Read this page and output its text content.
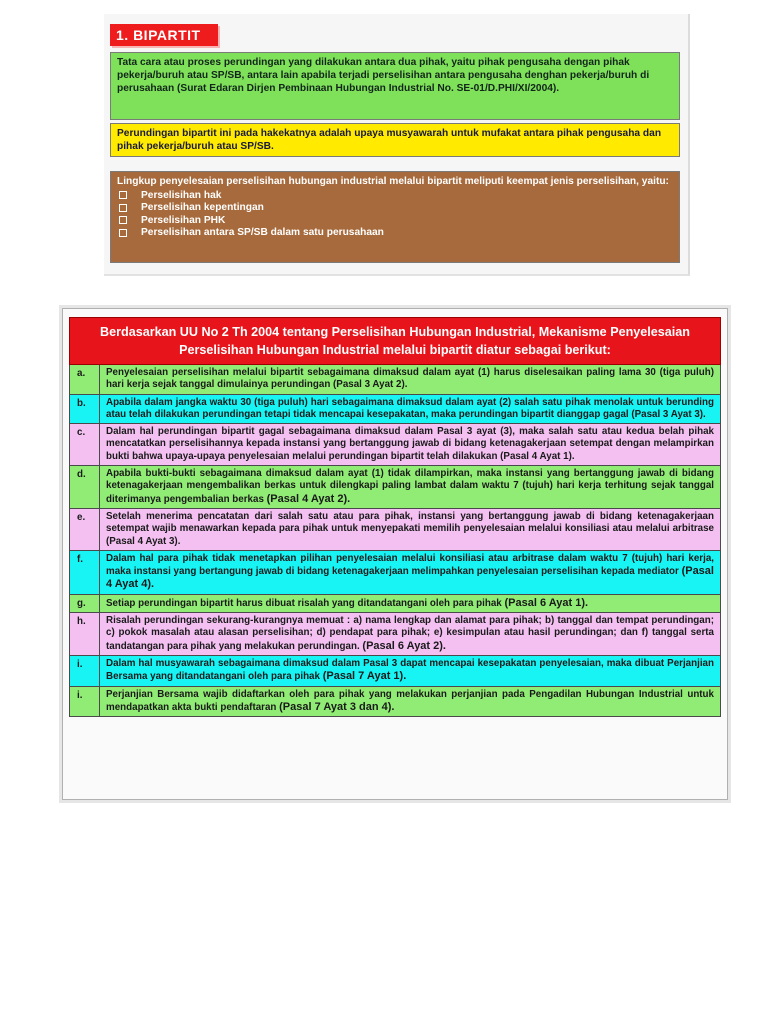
1. BIPARTIT
Tata cara atau proses perundingan yang dilakukan antara dua pihak, yaitu pihak pengusaha dengan pihak pekerja/buruh atau SP/SB, antara lain apabila terjadi perselisihan antara pengusaha denghan pekerja/buruh di perusahaan (Surat Edaran Dirjen Pembinaan Hubungan Industrial No. SE-01/D.PHI/XI/2004).
Perundingan bipartit ini pada hakekatnya adalah upaya musyawarah untuk mufakat antara pihak pengusaha dan pihak pekerja/buruh atau SP/SB.
Lingkup penyelesaian perselisihan hubungan industrial melalui bipartit meliputi keempat jenis perselisihan, yaitu:
Perselisihan hak
Perselisihan kepentingan
Perselisihan PHK
Perselisihan antara SP/SB dalam satu perusahaan
Berdasarkan UU No 2 Th 2004 tentang Perselisihan Hubungan Industrial, Mekanisme Penyelesaian Perselisihan Hubungan Industrial melalui bipartit diatur sebagai berikut:
a.	Penyelesaian perselisihan melalui bipartit sebagaimana dimaksud dalam ayat (1) harus diselesaikan paling lama 30 (tiga puluh) hari kerja sejak tanggal dimulainya perundingan (Pasal 3 Ayat 2).
b.	Apabila dalam jangka waktu 30 (tiga puluh) hari sebagaimana dimaksud dalam ayat (2) salah satu pihak menolak untuk berunding atau telah dilakukan perundingan tetapi tidak mencapai kesepakatan, maka perundingan bipartit dianggap gagal (Pasal 3 Ayat 3).
c.	Dalam hal perundingan bipartit gagal sebagaimana dimaksud dalam Pasal 3 ayat (3), maka salah satu atau kedua belah pihak mencatatkan perselisihannya kepada instansi yang bertanggung jawab di bidang ketenagakerjaan setempat dengan melampirkan bukti bahwa upaya-upaya penyelesaian melalui perundingan bipartit telah dilakukan (Pasal 4 Ayat 1).
d.	Apabila bukti-bukti sebagaimana dimaksud dalam ayat (1) tidak dilampirkan, maka instansi yang bertanggung jawab di bidang ketenagakerjaan mengembalikan berkas untuk dilengkapi paling lambat dalam waktu 7 (tujuh) hari kerja terhitung sejak tanggal diterimanya pengembalian berkas (Pasal 4 Ayat 2).
e.	Setelah menerima pencatatan dari salah satu atau para pihak, instansi yang bertanggung jawab di bidang ketenagakerjaan setempat wajib menawarkan kepada para pihak untuk menyepakati memilih penyelesaian melalui konsiliasi atau melalui arbitrase (Pasal 4 Ayat 3).
f.	Dalam hal para pihak tidak menetapkan pilihan penyelesaian melalui konsiliasi atau arbitrase dalam waktu 7 (tujuh) hari kerja, maka instansi yang bertangung jawab di bidang ketenagakerjaan melimpahkan penyelesaian perselisihan kepada mediator (Pasal 4 Ayat 4).
g.	Setiap perundingan bipartit harus dibuat risalah yang ditandatangani oleh para pihak (Pasal 6 Ayat 1).
h.	Risalah perundingan sekurang-kurangnya memuat : a) nama lengkap dan alamat para pihak; b) tanggal dan tempat perundingan; c) pokok masalah atau alasan perselisihan; d) pendapat para pihak; e) kesimpulan atau hasil perundingan; dan f) tanggal serta tandatangan para pihak yang melakukan perundingan. (Pasal 6 Ayat 2).
i.	Dalam hal musyawarah sebagaimana dimaksud dalam Pasal 3 dapat mencapai kesepakatan penyelesaian, maka dibuat Perjanjian Bersama yang ditandatangani oleh para pihak (Pasal 7 Ayat 1).
i.	Perjanjian Bersama wajib didaftarkan oleh para pihak yang melakukan perjanjian pada Pengadilan Hubungan Industrial untuk mendapatkan akta bukti pendaftaran (Pasal 7 Ayat 3 dan 4).
